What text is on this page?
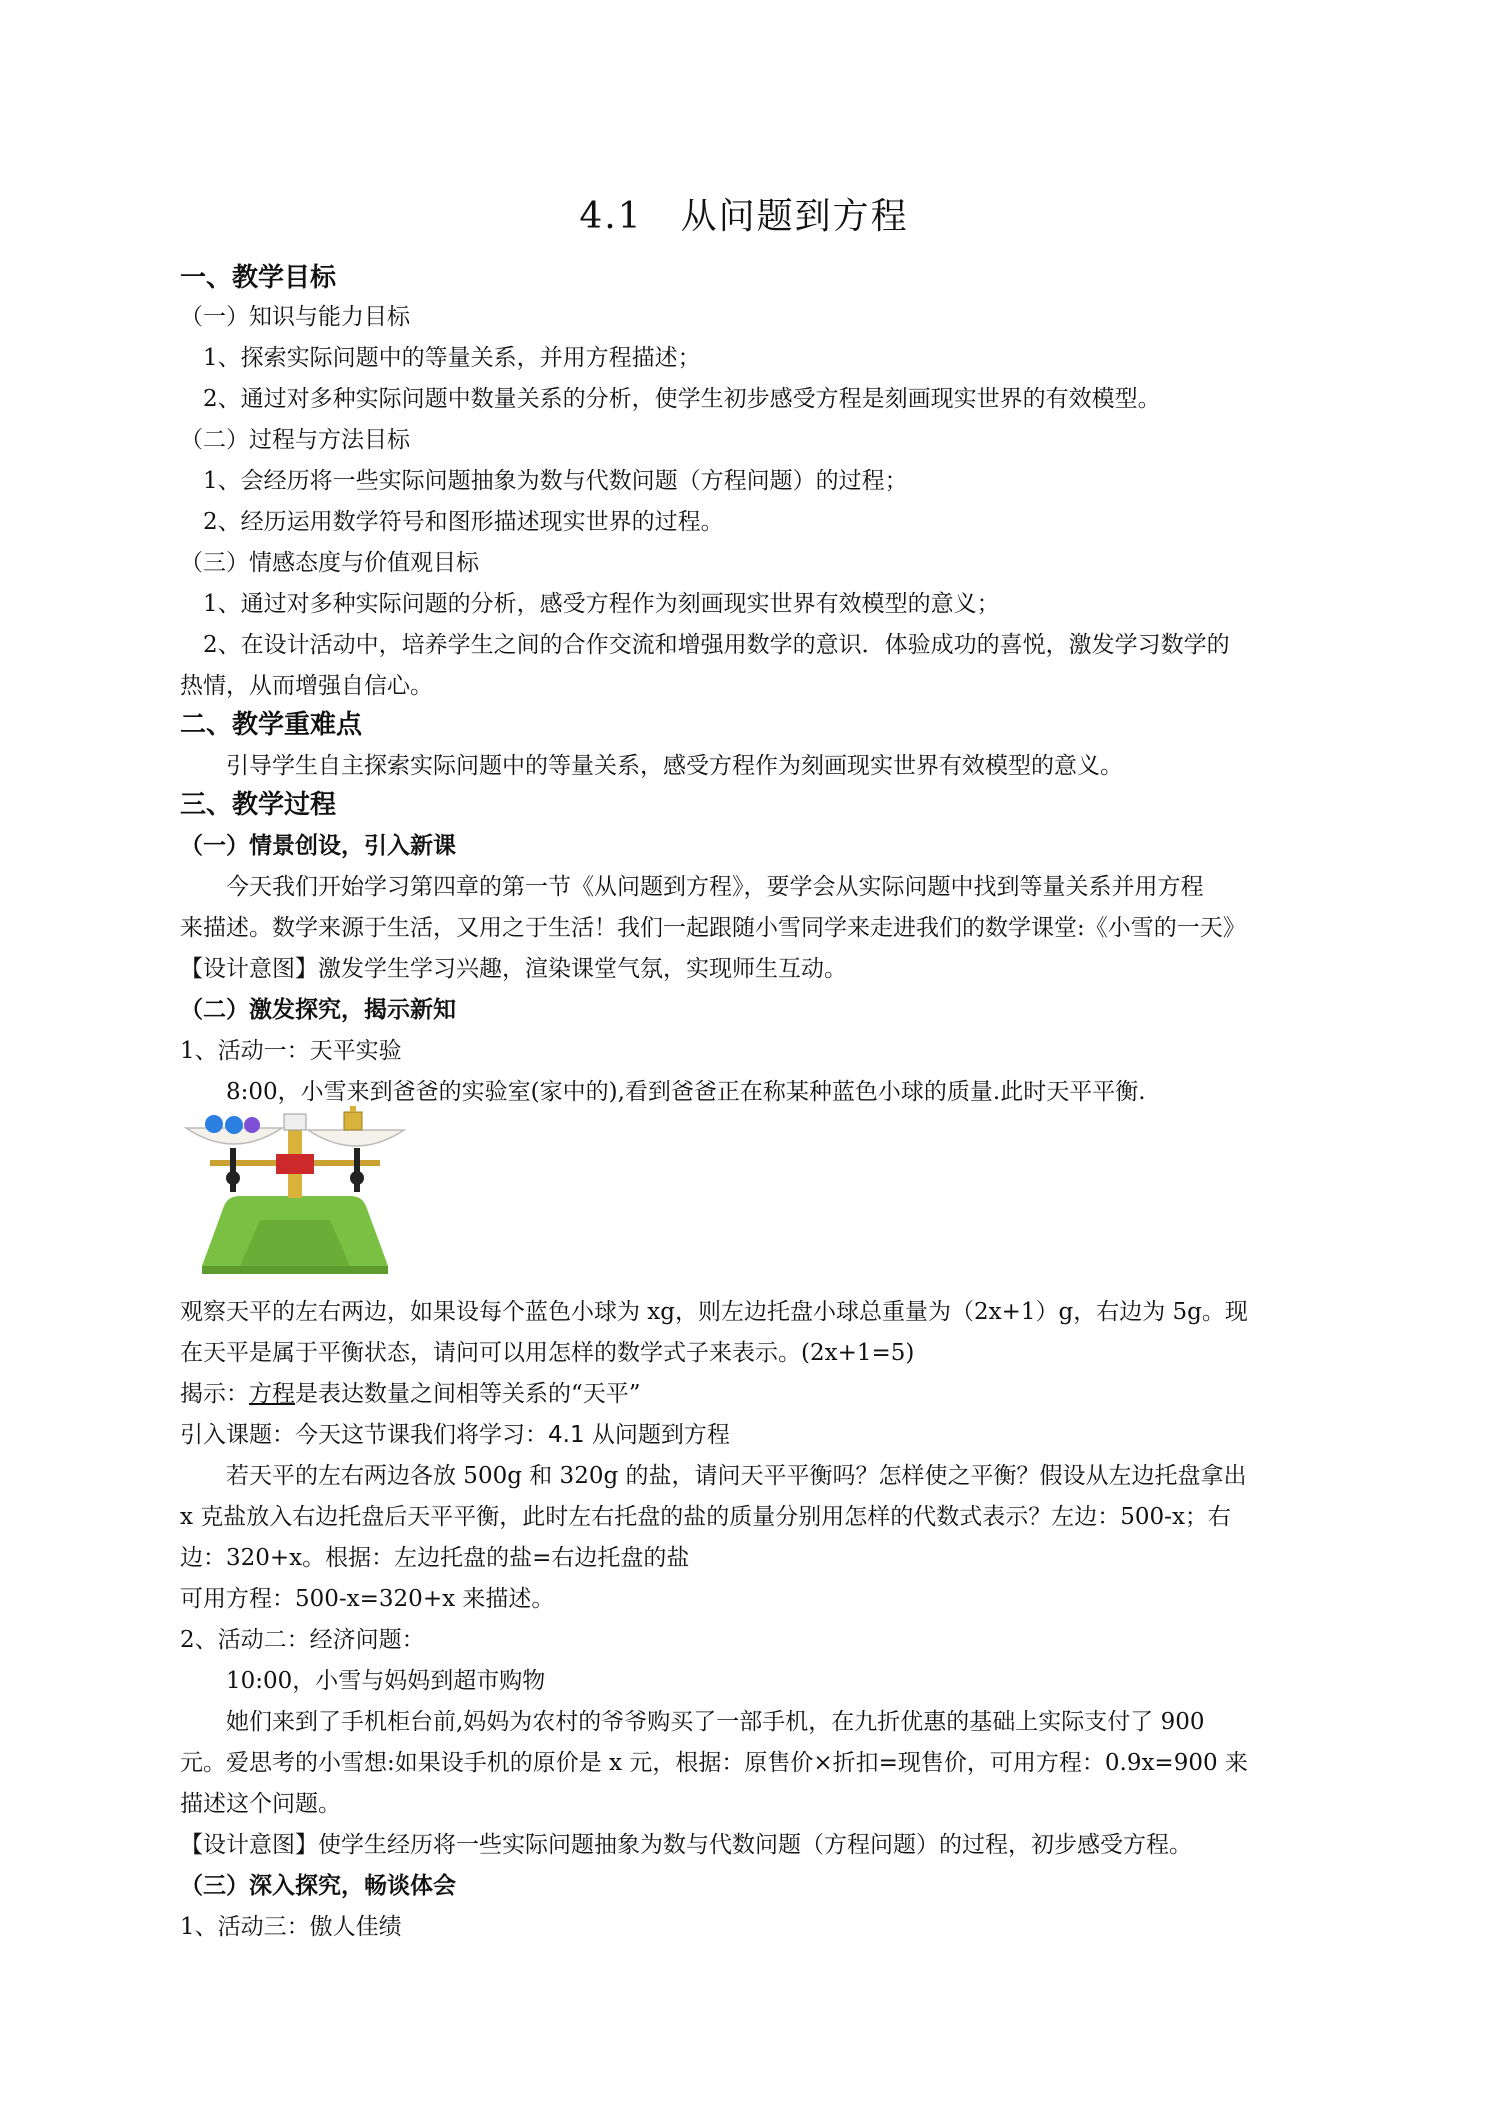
4.1　从问题到方程
一、教学目标
（一）知识与能力目标
　1、探索实际问题中的等量关系，并用方程描述；
　2、通过对多种实际问题中数量关系的分析，使学生初步感受方程是刻画现实世界的有效模型。
（二）过程与方法目标
　1、会经历将一些实际问题抽象为数与代数问题（方程问题）的过程；
　2、经历运用数学符号和图形描述现实世界的过程。
（三）情感态度与价值观目标
　1、通过对多种实际问题的分析，感受方程作为刻画现实世界有效模型的意义；
　2、在设计活动中，培养学生之间的合作交流和增强用数学的意识．体验成功的喜悦，激发学习数学的
热情，从而增强自信心。
二、教学重难点
　　引导学生自主探索实际问题中的等量关系，感受方程作为刻画现实世界有效模型的意义。
三、教学过程
（一）情景创设，引入新课
　　今天我们开始学习第四章的第一节《从问题到方程》，要学会从实际问题中找到等量关系并用方程
来描述。数学来源于生活，又用之于生活！我们一起跟随小雪同学来走进我们的数学课堂:《小雪的一天》
【设计意图】激发学生学习兴趣，渲染课堂气氛，实现师生互动。
（二）激发探究，揭示新知
1、活动一：天平实验
　　8:00，小雪来到爸爸的实验室(家中的),看到爸爸正在称某种蓝色小球的质量.此时天平平衡.
观察天平的左右两边，如果设每个蓝色小球为 xg，则左边托盘小球总重量为（2x+1）g，右边为 5g。现
在天平是属于平衡状态，请问可以用怎样的数学式子来表示。(2x+1=5)
揭示：方程是表达数量之间相等关系的“天平”
引入课题：今天这节课我们将学习：4.1 从问题到方程
　　若天平的左右两边各放 500g 和 320g 的盐，请问天平平衡吗？怎样使之平衡？假设从左边托盘拿出
x 克盐放入右边托盘后天平平衡，此时左右托盘的盐的质量分别用怎样的代数式表示？左边：500-x；右
边：320+x。根据：左边托盘的盐=右边托盘的盐
可用方程：500-x=320+x 来描述。
2、活动二：经济问题：
　　10:00，小雪与妈妈到超市购物
　　她们来到了手机柜台前,妈妈为农村的爷爷购买了一部手机，在九折优惠的基础上实际支付了 900
元。爱思考的小雪想:如果设手机的原价是 x 元，根据：原售价×折扣=现售价，可用方程：0.9x=900 来
描述这个问题。
【设计意图】使学生经历将一些实际问题抽象为数与代数问题（方程问题）的过程，初步感受方程。
（三）深入探究，畅谈体会
1、活动三：傲人佳绩
